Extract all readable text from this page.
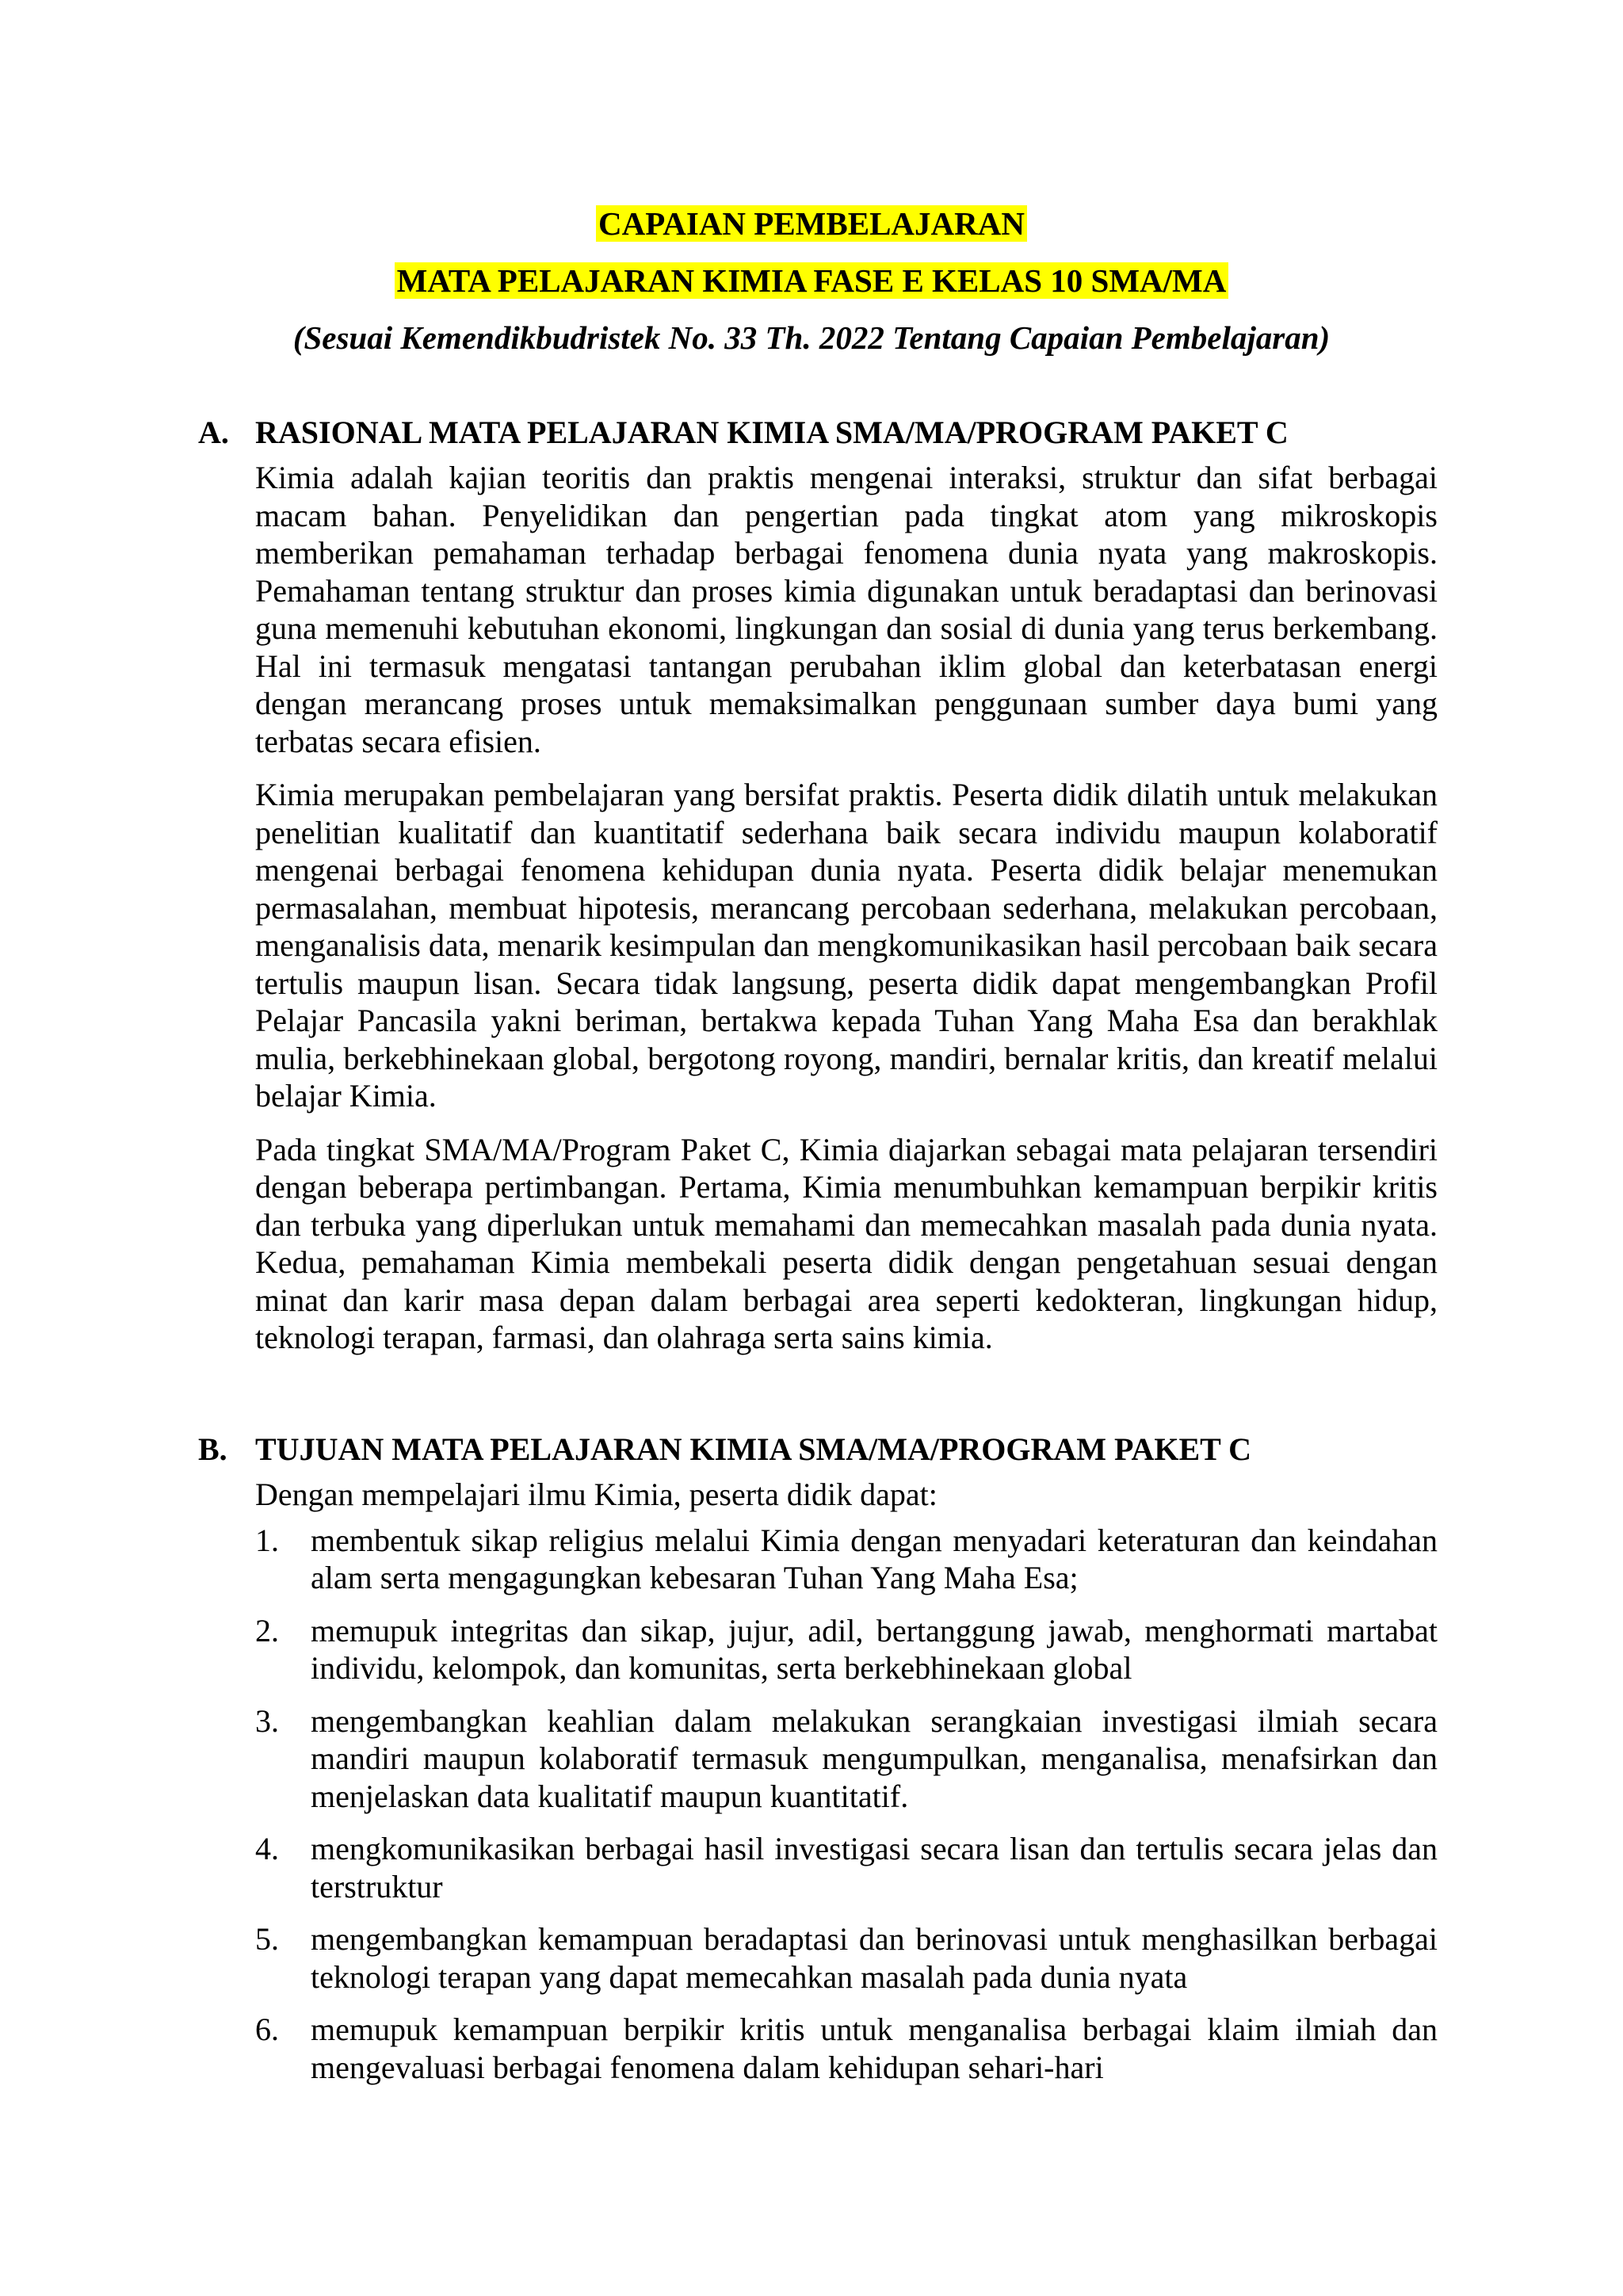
CAPAIAN PEMBELAJARAN
MATA PELAJARAN KIMIA FASE E KELAS 10 SMA/MA
(Sesuai Kemendikbudristek No. 33 Th. 2022 Tentang Capaian Pembelajaran)
A. RASIONAL MATA PELAJARAN KIMIA SMA/MA/PROGRAM PAKET C

Kimia adalah kajian teoritis dan praktis mengenai interaksi, struktur dan sifat berbagai macam bahan. Penyelidikan dan pengertian pada tingkat atom yang mikroskopis memberikan pemahaman terhadap berbagai fenomena dunia nyata yang makroskopis. Pemahaman tentang struktur dan proses kimia digunakan untuk beradaptasi dan berinovasi guna memenuhi kebutuhan ekonomi, lingkungan dan sosial di dunia yang terus berkembang. Hal ini termasuk mengatasi tantangan perubahan iklim global dan keterbatasan energi dengan merancang proses untuk memaksimalkan penggunaan sumber daya bumi yang terbatas secara efisien.

Kimia merupakan pembelajaran yang bersifat praktis. Peserta didik dilatih untuk melakukan penelitian kualitatif dan kuantitatif sederhana baik secara individu maupun kolaboratif mengenai berbagai fenomena kehidupan dunia nyata. Peserta didik belajar menemukan permasalahan, membuat hipotesis, merancang percobaan sederhana, melakukan percobaan, menganalisis data, menarik kesimpulan dan mengkomunikasikan hasil percobaan baik secara tertulis maupun lisan. Secara tidak langsung, peserta didik dapat mengembangkan Profil Pelajar Pancasila yakni beriman, bertakwa kepada Tuhan Yang Maha Esa dan berakhlak mulia, berkebhinekaan global, bergotong royong, mandiri, bernalar kritis, dan kreatif melalui belajar Kimia.

Pada tingkat SMA/MA/Program Paket C, Kimia diajarkan sebagai mata pelajaran tersendiri dengan beberapa pertimbangan. Pertama, Kimia menumbuhkan kemampuan berpikir kritis dan terbuka yang diperlukan untuk memahami dan memecahkan masalah pada dunia nyata. Kedua, pemahaman Kimia membekali peserta didik dengan pengetahuan sesuai dengan minat dan karir masa depan dalam berbagai area seperti kedokteran, lingkungan hidup, teknologi terapan, farmasi, dan olahraga serta sains kimia.

B. TUJUAN MATA PELAJARAN KIMIA SMA/MA/PROGRAM PAKET C

Dengan mempelajari ilmu Kimia, peserta didik dapat:

1. membentuk sikap religius melalui Kimia dengan menyadari keteraturan dan keindahan alam serta mengagungkan kebesaran Tuhan Yang Maha Esa;
2. memupuk integritas dan sikap, jujur, adil, bertanggung jawab, menghormati martabat individu, kelompok, dan komunitas, serta berkebhinekaan global
3. mengembangkan keahlian dalam melakukan serangkaian investigasi ilmiah secara mandiri maupun kolaboratif termasuk mengumpulkan, menganalisa, menafsirkan dan menjelaskan data kualitatif maupun kuantitatif.
4. mengkomunikasikan berbagai hasil investigasi secara lisan dan tertulis secara jelas dan terstruktur
5. mengembangkan kemampuan beradaptasi dan berinovasi untuk menghasilkan berbagai teknologi terapan yang dapat memecahkan masalah pada dunia nyata
6. memupuk kemampuan berpikir kritis untuk menganalisa berbagai klaim ilmiah dan mengevaluasi berbagai fenomena dalam kehidupan sehari-hari
